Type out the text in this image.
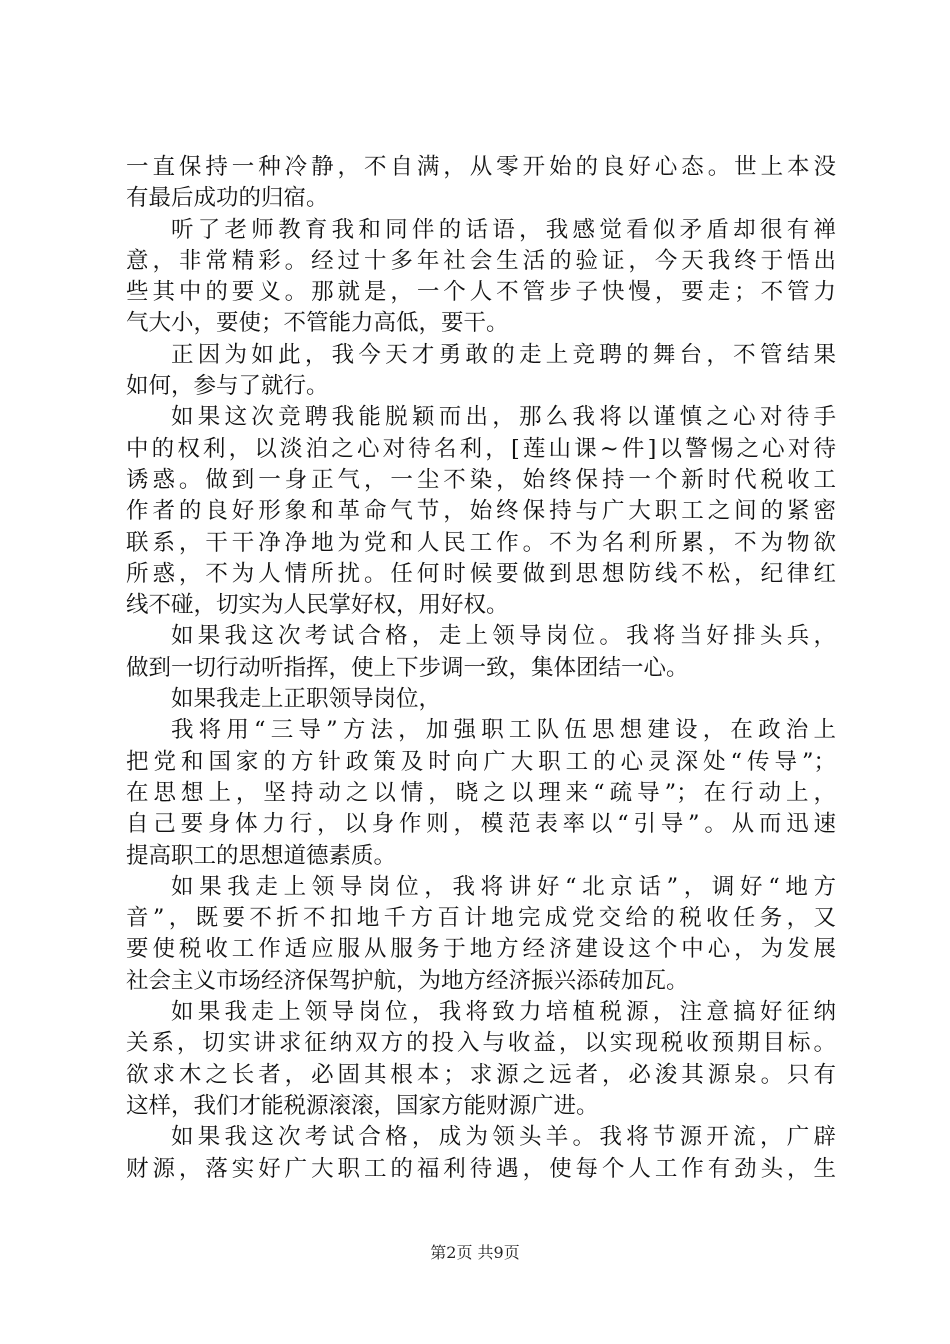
一直保持一种冷静，不自满，从零开始的良好心态。世上本没
有最后成功的归宿。
听了老师教育我和同伴的话语，我感觉看似矛盾却很有禅
意，非常精彩。经过十多年社会生活的验证，今天我终于悟出
些其中的要义。那就是，一个人不管步子快慢，要走；不管力
气大小，要使；不管能力高低，要干。
正因为如此，我今天才勇敢的走上竞聘的舞台，不管结果
如何，参与了就行。
如果这次竞聘我能脱颖而出，那么我将以谨慎之心对待手
中的权利，以淡泊之心对待名利，[莲山课~件]以警惕之心对待
诱惑。做到一身正气，一尘不染，始终保持一个新时代税收工
作者的良好形象和革命气节，始终保持与广大职工之间的紧密
联系，干干净净地为党和人民工作。不为名利所累，不为物欲
所惑，不为人情所扰。任何时候要做到思想防线不松，纪律红
线不碰，切实为人民掌好权，用好权。
如果我这次考试合格，走上领导岗位。我将当好排头兵，
做到一切行动听指挥，使上下步调一致，集体团结一心。
如果我走上正职领导岗位，
我将用“三导”方法，加强职工队伍思想建设，在政治上
把党和国家的方针政策及时向广大职工的心灵深处“传导”；
在思想上，坚持动之以情，晓之以理来“疏导”；在行动上，
自己要身体力行，以身作则，模范表率以“引导”。从而迅速
提高职工的思想道德素质。
如果我走上领导岗位，我将讲好“北京话”，调好“地方
音”，既要不折不扣地千方百计地完成党交给的税收任务，又
要使税收工作适应服从服务于地方经济建设这个中心，为发展
社会主义市场经济保驾护航，为地方经济振兴添砖加瓦。
如果我走上领导岗位，我将致力培植税源，注意搞好征纳
关系，切实讲求征纳双方的投入与收益，以实现税收预期目标。
欲求木之长者，必固其根本；求源之远者，必浚其源泉。只有
这样，我们才能税源滚滚，国家方能财源广进。
如果我这次考试合格，成为领头羊。我将节源开流，广辟
财源，落实好广大职工的福利待遇，使每个人工作有劲头，生
第2页 共9页
